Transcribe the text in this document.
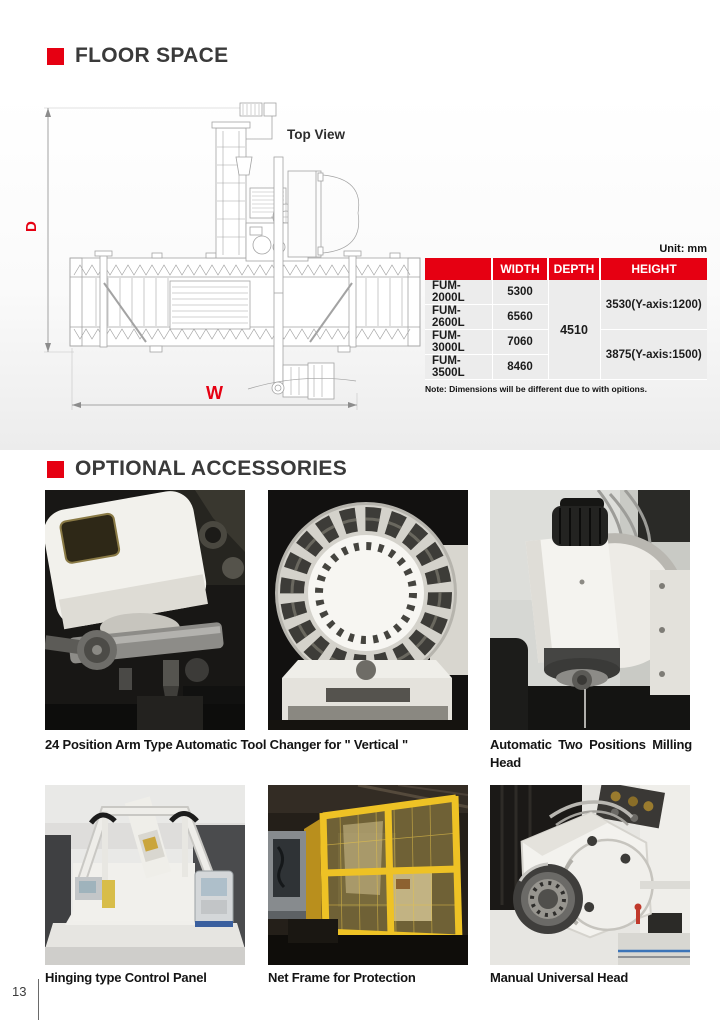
FLOOR SPACE
Top View
D
W
Unit: mm
	WIDTH	DEPTH	HEIGHT
FUM-2000L	5300	4510	3530(Y-axis:1200)
FUM-2600L	6560		
FUM-3000L	7060		3875(Y-axis:1500)
FUM-3500L	8460		
Note: Dimensions will be different due to with opitions.
OPTIONAL ACCESSORIES
24 Position Arm Type Automatic Tool Changer for " Vertical "	Automatic Two Positions Milling Head
Hinging type Control Panel	Net Frame for Protection	Manual Universal Head
13
